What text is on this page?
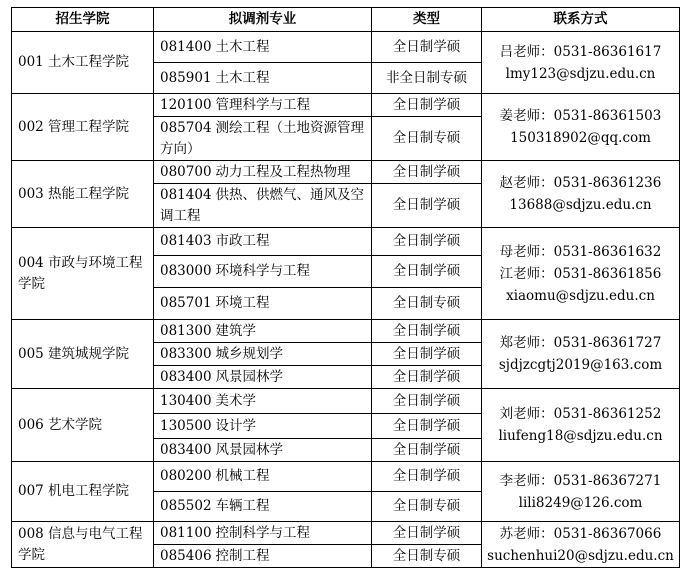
招生学院	拟调剂专业	类型	联系方式
001 土木工程学院	081400 土木工程	全日制学硕	吕老师：0531-86361617
lmy123@sdjzu.edu.cn

	085901 土木工程	非全日制专硕	
002 管理工程学院	120100 管理科学与工程	全日制学硕	姜老师：0531-86361503
150318902@qq.com

	085704 测绘工程（土地资源管理方向）	全日制专硕	
003 热能工程学院	080700 动力工程及工程热物理	全日制学硕	赵老师：0531-86361236
13688@sdjzu.edu.cn

	081404 供热、供燃气、通风及空调工程	全日制学硕	
004 市政与环境工程学院	081403 市政工程	全日制学硕	母老师：0531-86361632
江老师：0531-86361856
xiaomu@sdjzu.edu.cn

	083000 环境科学与工程	全日制学硕	
	085701 环境工程	全日制专硕	
005 建筑城规学院	081300 建筑学	全日制学硕	郑老师：0531-86361727
sjdjzcgtj2019@163.com

	083300 城乡规划学	全日制学硕	
	083400 风景园林学	全日制学硕	
006 艺术学院	130400 美术学	全日制学硕	刘老师：0531-86361252
liufeng18@sdjzu.edu.cn

	130500 设计学	全日制学硕	
	083400 风景园林学	全日制学硕	
007 机电工程学院	080200 机械工程	全日制学硕	李老师：0531-86367271
lili8249@126.com

	085502 车辆工程	全日制专硕	
008 信息与电气工程学院	081100 控制科学与工程	全日制学硕	苏老师：0531-86367066
suchenhui20@sdjzu.edu.cn

	085406 控制工程	全日制专硕	
